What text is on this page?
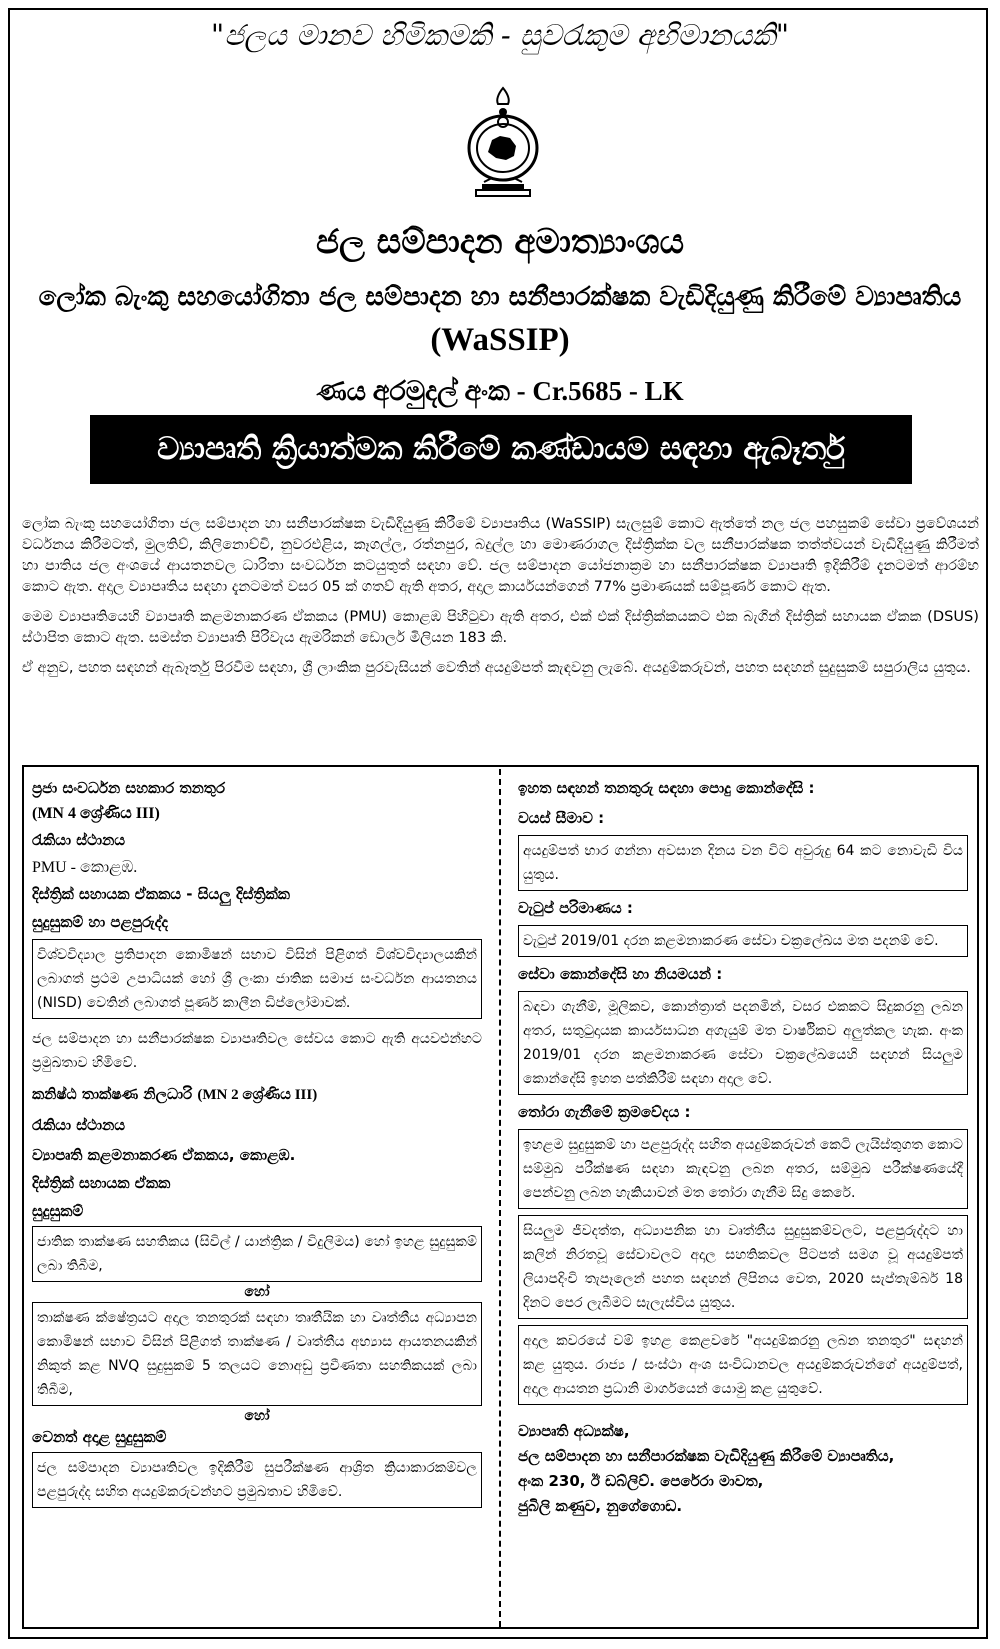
"ජලය මානව හිමිකමකි - සුවරැකුම අභිමානයකි"
ජල සම්පාදන අමාත්‍යාංශය
ලෝක බැංකු සහයෝගිතා ජල සම්පාදන හා සනීපාරක්ෂක වැඩිදියුණු කිරීමේ ව්‍යාපෘතිය
(WaSSIP)
ණය අරමුදල් අංක - Cr.5685 - LK
ව්‍යාපෘති ක්‍රියාත්මක කිරීමේ කණ්ඩායම සඳහා ඇබෑර්තු

ලෝක බැංකු සහයෝගිතා ජල සම්පාදන හා සනීපාරක්ෂක වැඩිදියුණු කිරීමේ ව්‍යාපෘතිය (WaSSIP) සැලසුම් කොට ඇත්තේ නල ජල පහසුකම් සේවා ප්‍රවේශයන් වර්ධනය කිරීමටත්, මුලතිව්, කිලිනොච්චි, නුවරඑළිය, කෑගල්ල, රත්නපුර, බදුල්ල හා මොණරාගල දිස්ත්‍රික්ක වල සනීපාරක්ෂක තත්ත්වයන් වැඩිදියුණු කිරීමත් හා පාතිය ජල අංශයේ ආයතනවල ධාරිතා සංවර්ධන කටයුතුත් සඳහා වේ. ජල සම්පාදන යෝජනාක්‍රම හා සනීපාරක්ෂක ව්‍යාපෘති ඉදිකිරීම් දැනටමත් ආරම්භ කොට ඇත. අදාල ව්‍යාපෘතිය සඳහා දැනටමත් වසර 05 ක් ගතව් ඇති අතර, අදාල කාර්යයන්ගෙන් 77% ප්‍රමාණයක් සම්පූර්ණ කොට ඇත.

මෙම ව්‍යාපෘතියෙහි ව්‍යාපෘති කළමනාකරණ ඒකකය (PMU) කොළඹ පිහිටුවා ඇති අතර, එක් එක් දිස්ත්‍රික්කයකට එක බැගින් දිස්ත්‍රික් සහායක ඒකක (DSUS) ස්ථාපිත කොට ඇත. සමස්ත ව්‍යාපෘති පිරිවැය ඇමරිකන් ඩොලර් මිලියන 183 කි.

ඒ අනුව, පහත සඳහන් ඇබෑර්තු පිරවීම සඳහා, ශ්‍රී ලාංකික පුරවැසියන් වෙතින් අයදුම්පත් කැඳවනු ලැබේ. අයදුම්කරුවන්, පහත සඳහන් සුදුසුකම් සපුරාලිය යුතුය.

ප්‍රජා සංවර්ධන සහකාර තනතුර

(MN 4 ශ්‍රේණිය III)

රැකියා ස්ථානය

PMU - කොළඹ.

දිස්ත්‍රික් සහායක ඒකකය - සියලු දිස්ත්‍රික්ක

සුදුසුකම් හා පළපුරුද්ද

විශ්වවිද්‍යාල ප්‍රතිපාදන කොමිෂන් සභාව විසින් පිළිගත් විශ්වවිද්‍යාලයකින් ලබාගත් ප්‍රථම උපාධියක් හෝ ශ්‍රී ලංකා ජාතික සමාජ සංවර්ධන ආයතනය (NISD) වෙතින් ලබාගත් පූර්ණ කාලීන ඩිප්ලෝමාවක්.

ජල සම්පාදන හා සනීපාරක්ෂක ව්‍යාපෘතිවල සේවය කොට ඇති අයවළුන්හට ප්‍රමුඛතාව හිමිවේ.

කනිෂ්ඨ තාක්ෂණ නිලධාරි (MN 2 ශ්‍රේණිය III)

රැකියා ස්ථානය

ව්‍යාපෘති කළමනාකරණ ඒකකය, කොළඹ.

දිස්ත්‍රික් සහායක ඒකක

සුදුසුකම්

ජාතික තාක්ෂණ සහතිකය (සිවිල් / යාන්ත්‍රික / විදුලිමය) හෝ ඉහළ සුදුසුකම් ලබා තිබීම,

හෝ

තාක්ෂණ ක්ෂේත්‍රයට අදාල තනතුරක් සඳහා තෘතීයික හා වෘත්තීය අධ්‍යාපන කොමිෂන් සභාව විසින් පිළිගත් තාක්ෂණ / වෘත්තීය අභ්‍යාස ආයතනයකින් නිකුත් කළ NVQ සුදුසුකම් 5 තලයට නොඅඩු ප්‍රවීණතා සහතිකයක් ලබා තිබීම,

හෝ

වෙනත් අදාළ සුදුසුකම්

ජල සම්පාදන ව්‍යාපෘතිවල ඉදිකිරීම් සුපරීක්ෂණ ආශ්‍රිත ක්‍රියාකාරකම්වල පළපුරුද්ද සහිත අයදුම්කරුවන්හට ප්‍රමුඛතාව හිමිවේ.

ඉහත සඳහන් තනතුරු සඳහා පොදු කොන්දේසි :

වයස් සීමාව :

අයදුම්පත් භාර ගන්නා අවසාන දිනය වන විට අවුරුදු 64 කට නොවැඩි විය යුතුය.

වැටුප් පරිමාණය :

වැටුප් 2019/01 දරන කළමනාකරණ සේවා චක්‍රලේඛය මත පදනම් වේ.

සේවා කොන්දේසි හා නියමයන් :

බඳවා ගැනීම්, මූලිකව, කොන්ත්‍රාත් පදනමින්, වසර එකකට සිදුකරනු ලබන අතර, සතුටුදායක කාර්යසාධන අගැයුම් මත වාර්ෂිකව අලුත්කල හැක. අංක 2019/01 දරන කළමනාකරණ සේවා චක්‍රලේඛයෙහි සඳහන් සියලුම කොන්දේසි ඉහත පත්කිරීම් සඳහා අදාල වේ.

තෝරා ගැනීමේ ක්‍රමවේදය :

ඉහළම සුදුසුකම් හා පළපුරුද්ද සහිත අයදුම්කරුවන් කෙටි ලැයිස්තුගත කොට සම්මුඛ පරීක්ෂණ සඳහා කැඳවනු ලබන අතර, සම්මුඛ පරීක්ෂණයේදී පෙන්වනු ලබන හැකියාවන් මත තෝරා ගැනීම සිදු කෙරේ.
සියලුම ජීවදත්ත, අධ්‍යාපනික හා වෘත්තීය සුදුසුකම්වලට, පළපුරුද්දට හා කලින් නිරතවූ සේවාවලට අදාල සහතිකවල පිටපත් සමග වූ අයදුම්පත් ලියාපදිංචි තැපෑලෙන් පහත සඳහන් ලිපිනය වෙත, 2020 සැප්තැම්බර් 18 දිනට පෙර ලැබීමට සැලැස්විය යුතුය.
අදාල කවරයේ වම් ඉහළ කෙළවරේ "අයදුම්කරනු ලබන තනතුර" සඳහන් කළ යුතුය. රාජ්‍ය / සංස්ථා අංශ සංවිධානවල අයදුම්කරුවන්ගේ අයදුම්පත්, අදාල ආයතන ප්‍රධානි මාර්ගයෙන් යොමු කළ යුතුවේ.

ව්‍යාපෘති අධ්‍යක්ෂ,

ජල සම්පාදන හා සනීපාරක්ෂක වැඩිදියුණු කිරීමේ ව්‍යාපෘතිය,

අංක 230, ඊ ඩබ්ලිව්. පෙරේරා මාවත,

ජුබිලි කණුව, නුගේගොඩ.
